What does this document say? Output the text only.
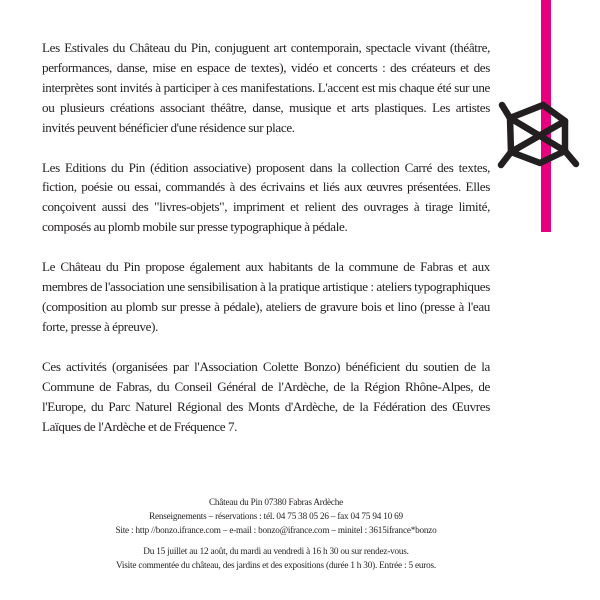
Les Estivales du Château du Pin, conjuguent art contemporain, spectacle vivant (théâtre, performances, danse, mise en espace de textes), vidéo et concerts : des créateurs et des interprètes sont invités à participer à ces manifestations. L'accent est mis chaque été sur une ou plusieurs créations associant théâtre, danse, musique et arts plastiques. Les artistes invités peuvent bénéficier d'une résidence sur place.

Les Editions du Pin (édition associative) proposent dans la collection Carré des textes, fiction, poésie ou essai, commandés à des écrivains et liés aux œuvres présentées. Elles conçoivent aussi des "livres-objets", impriment et relient des ouvrages à tirage limité, composés au plomb mobile sur presse typographique à pédale.

Le Château du Pin propose également aux habitants de la commune de Fabras et aux membres de l'association une sensibilisation à la pratique artistique : ateliers typographiques (composition au plomb sur presse à pédale), ateliers de gravure bois et lino (presse à l'eau forte, presse à épreuve).

Ces activités (organisées par l'Association Colette Bonzo) bénéficient du soutien de la Commune de Fabras, du Conseil Général de l'Ardèche, de la Région Rhône-Alpes, de l'Europe, du Parc Naturel Régional des Monts d'Ardèche, de la Fédération des Œuvres Laïques de l'Ardèche et de Fréquence 7.

Château du Pin 07380 Fabras Ardèche
Renseignements – réservations : tél. 04 75 38 05 26 – fax 04 75 94 10 69
Site : http //bonzo.ifrance.com – e-mail : bonzo@ifrance.com – minitel : 3615ifrance*bonzo
Du 15 juillet au 12 août, du mardi au vendredi à 16 h 30 ou sur rendez-vous.
Visite commentée du château, des jardins et des expositions (durée 1 h 30). Entrée : 5 euros.
